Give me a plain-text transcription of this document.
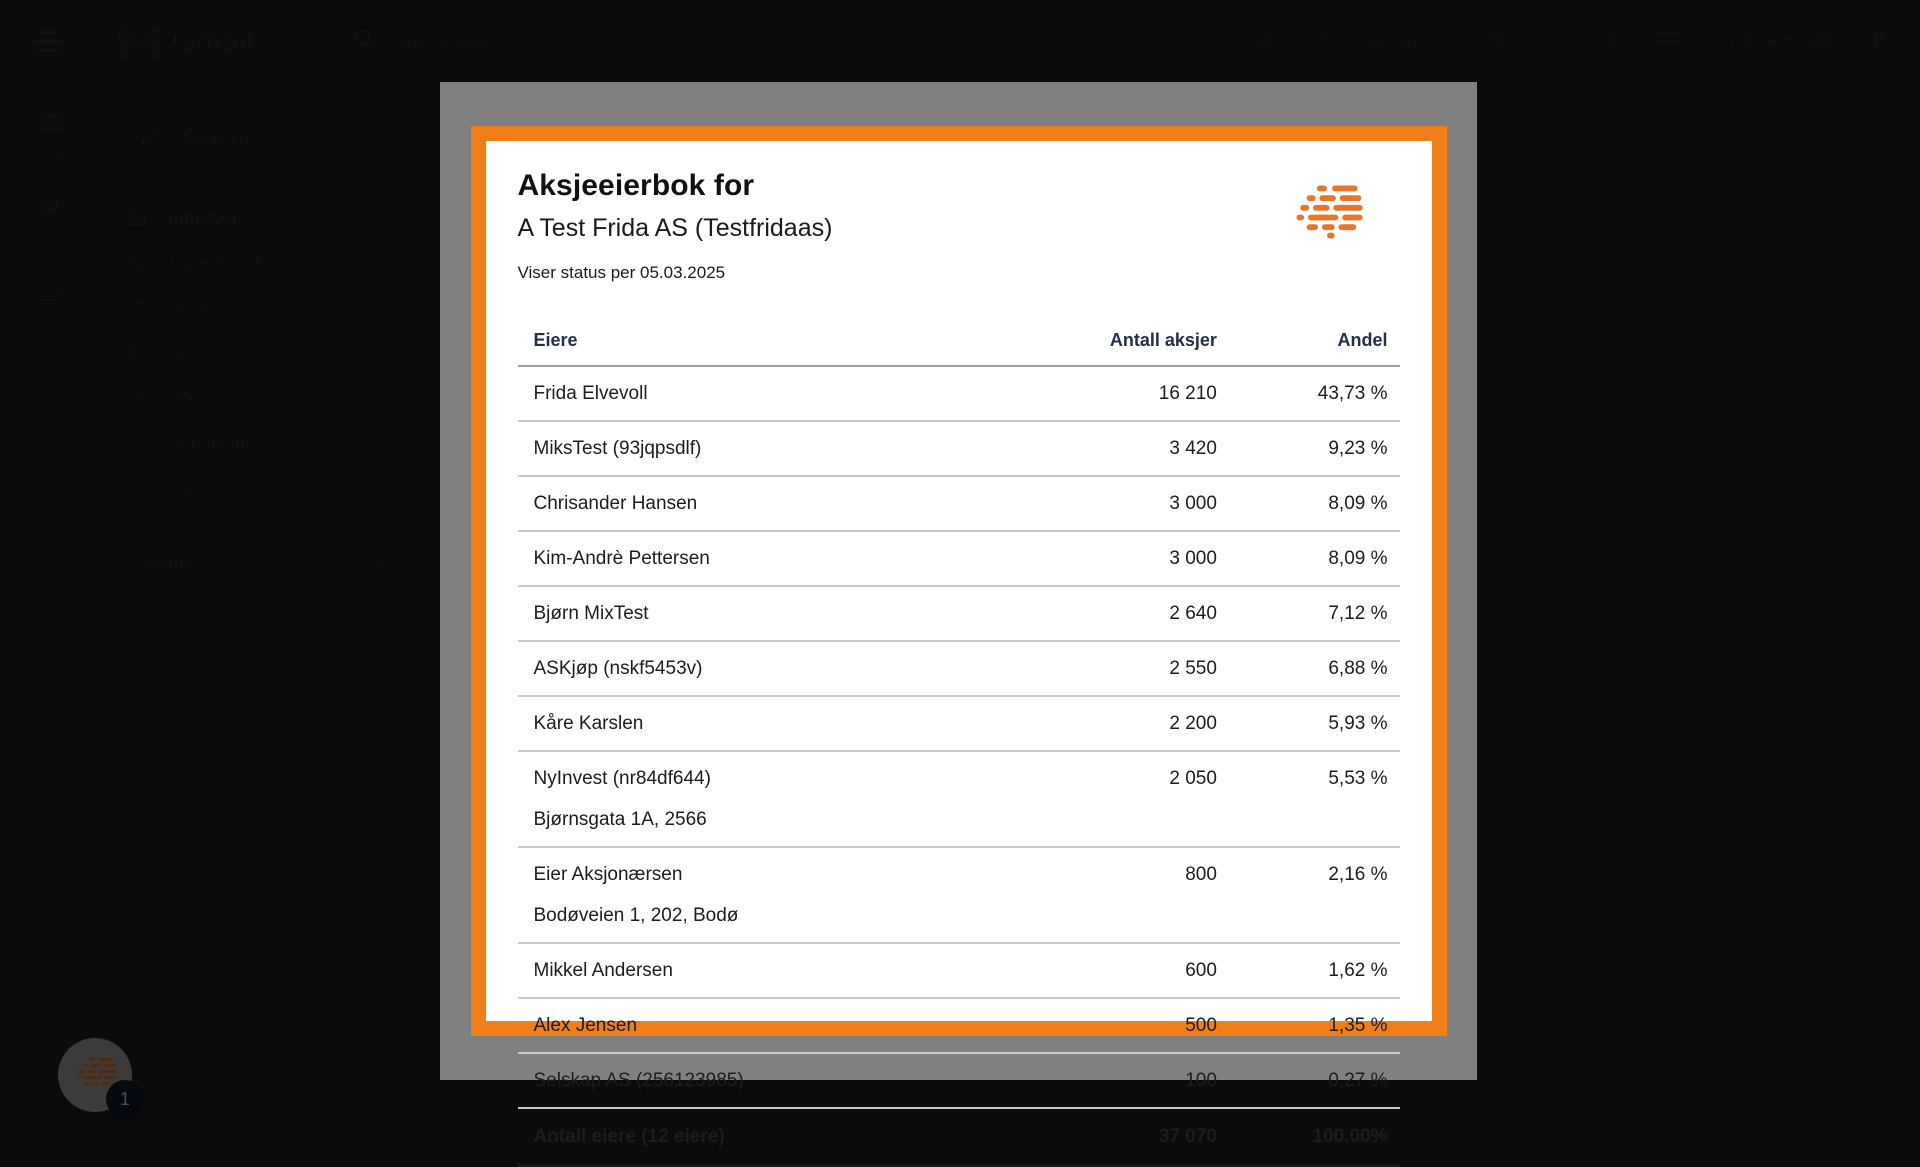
Aksjeeierbok for
A Test Frida AS (Testfridaas)
Viser status per 05.03.2025
Eiere	Antall aksjer	Andel
Frida Elvevoll	16 210	43,73 %
MiksTest (93jqpsdlf)	3 420	9,23 %
Chrisander Hansen	3 000	8,09 %
Kim-Andrè Pettersen	3 000	8,09 %
Bjørn MixTest	2 640	7,12 %
ASKjøp (nskf5453v)	2 550	6,88 %
Kåre Karslen	2 200	5,93 %
NyInvest (nr84df644)
Bjørnsgata 1A, 2566	2 050	5,53 %
Eier Aksjonærsen
Bodøveien 1, 202, Bodø	800	2,16 %
Mikkel Andersen	600	1,62 %
Alex Jensen	500	1,35 %
Selskap AS (256123985)	100	0,27 %
Antall eiere (12 eiere)	37 070	100.00%
